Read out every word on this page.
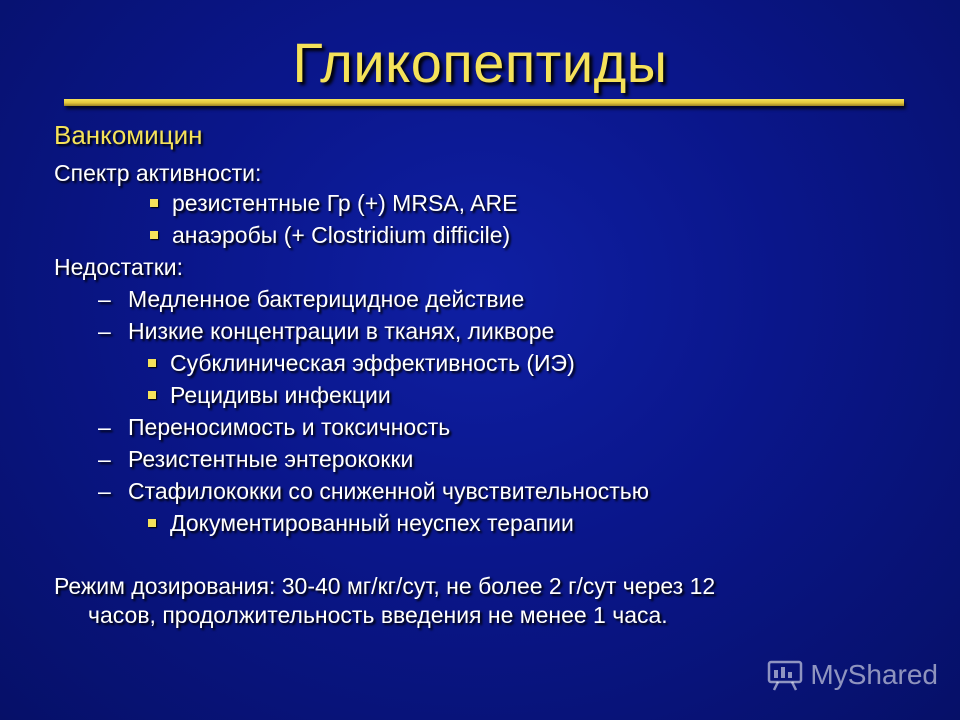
Гликопептиды
Ванкомицин
Спектр активности:
резистентные Гр (+) MRSA, ARE
анаэробы (+ Clostridium difficile)
Недостатки:
– Медленное бактерицидное действие
– Низкие концентрации в тканях, ликворе
Субклиническая эффективность (ИЭ)
Рецидивы инфекции
– Переносимость и токсичность
– Резистентные энтерококки
– Стафилококки со сниженной чувствительностью
Документированный неуспех терапии
Режим дозирования: 30-40 мг/кг/сут, не более 2 г/сут через 12
часов, продолжительность введения не менее 1 часа.
MyShared
